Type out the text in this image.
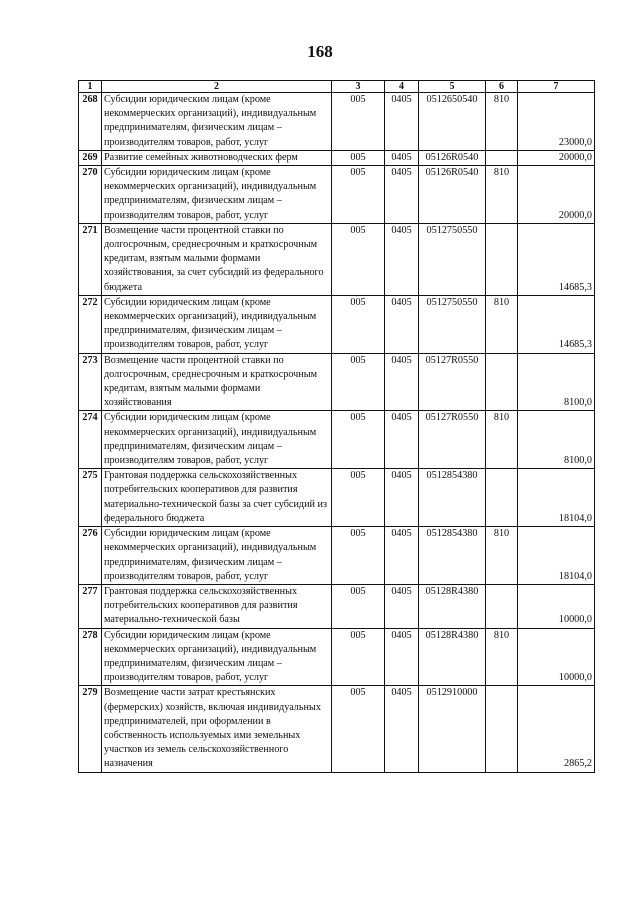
168
1	2	3	4	5	6	7
268	Субсидии юридическим лицам (кроме некоммерческих организаций), индивидуальным предпринимателям, физическим лицам – производителям товаров, работ, услуг	005	0405	0512650540	810	23000,0
269	Развитие семейных животноводческих ферм	005	0405	05126R0540		20000,0
270	Субсидии юридическим лицам (кроме некоммерческих организаций), индивидуальным предпринимателям, физическим лицам – производителям товаров, работ, услуг	005	0405	05126R0540	810	20000,0
271	Возмещение части процентной ставки по долгосрочным, среднесрочным и краткосрочным кредитам, взятым малыми формами хозяйствования, за счет субсидий из федерального бюджета	005	0405	0512750550		14685,3
272	Субсидии юридическим лицам (кроме некоммерческих организаций), индивидуальным предпринимателям, физическим лицам – производителям товаров, работ, услуг	005	0405	0512750550	810	14685,3
273	Возмещение части процентной ставки по долгосрочным, среднесрочным и краткосрочным кредитам, взятым малыми формами хозяйствования	005	0405	05127R0550		8100,0
274	Субсидии юридическим лицам (кроме некоммерческих организаций), индивидуальным предпринимателям, физическим лицам – производителям товаров, работ, услуг	005	0405	05127R0550	810	8100,0
275	Грантовая поддержка сельскохозяйственных потребительских кооперативов для развития материально-технической базы за счет субсидий из федерального бюджета	005	0405	0512854380		18104,0
276	Субсидии юридическим лицам (кроме некоммерческих организаций), индивидуальным предпринимателям, физическим лицам – производителям товаров, работ, услуг	005	0405	0512854380	810	18104,0
277	Грантовая поддержка сельскохозяйственных потребительских кооперативов для развития материально-технической базы	005	0405	05128R4380		10000,0
278	Субсидии юридическим лицам (кроме некоммерческих организаций), индивидуальным предпринимателям, физическим лицам – производителям товаров, работ, услуг	005	0405	05128R4380	810	10000,0
279	Возмещение части затрат крестьянских (фермерских) хозяйств, включая индивидуальных предпринимателей, при оформлении в собственность используемых ими земельных участков из земель сельскохозяйственного назначения	005	0405	0512910000		2865,2
